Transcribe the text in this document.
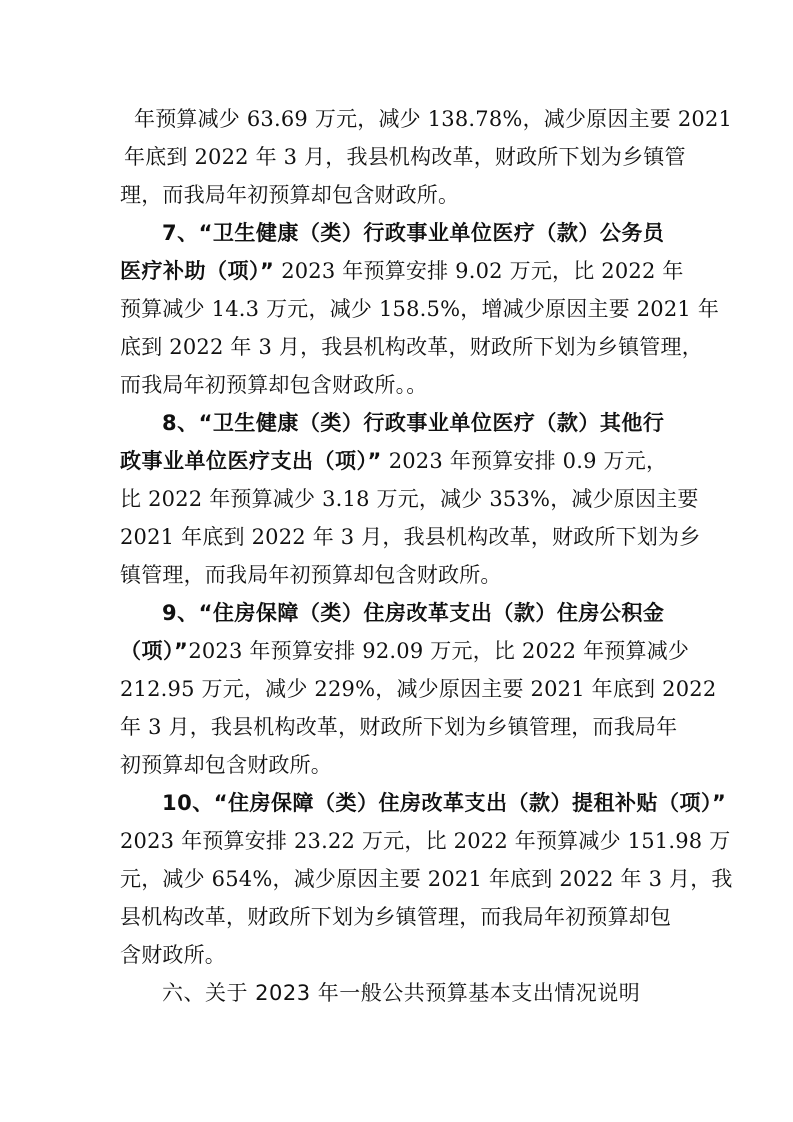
年预算减少 63.69 万元，减少 138.78%，减少原因主要 2021
年底到 2022 年 3 月，我县机构改革，财政所下划为乡镇管
理，而我局年初预算却包含财政所。
7、“卫生健康（类）行政事业单位医疗（款）公务员
医疗补助（项）” 2023 年预算安排 9.02 万元，比 2022 年
预算减少 14.3 万元，减少 158.5%，增减少原因主要 2021 年
底到 2022 年 3 月，我县机构改革，财政所下划为乡镇管理，
而我局年初预算却包含财政所。。
8、“卫生健康（类）行政事业单位医疗（款）其他行
政事业单位医疗支出（项）” 2023 年预算安排 0.9 万元，
比 2022 年预算减少 3.18 万元，减少 353%，减少原因主要
2021 年底到 2022 年 3 月，我县机构改革，财政所下划为乡
镇管理，而我局年初预算却包含财政所。
9、“住房保障（类）住房改革支出（款）住房公积金
（项）”2023 年预算安排 92.09 万元，比 2022 年预算减少
212.95 万元，减少 229%，减少原因主要 2021 年底到 2022
年 3 月，我县机构改革，财政所下划为乡镇管理，而我局年
初预算却包含财政所。
10、“住房保障（类）住房改革支出（款）提租补贴（项）”
2023 年预算安排 23.22 万元，比 2022 年预算减少 151.98 万
元，减少 654%，减少原因主要 2021 年底到 2022 年 3 月，我
县机构改革，财政所下划为乡镇管理，而我局年初预算却包
含财政所。
六、关于 2023 年一般公共预算基本支出情况说明
